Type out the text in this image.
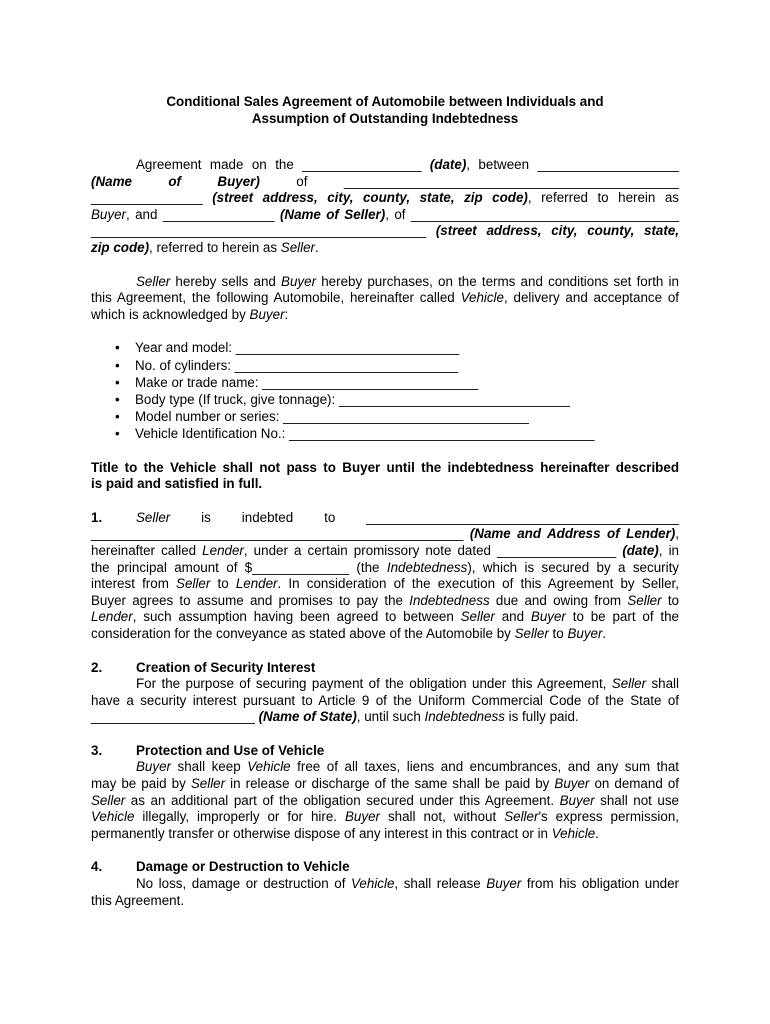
Conditional Sales Agreement of Automobile between Individuals and
Assumption of Outstanding Indebtedness

Agreement made on the ________________ (date), between ___________________

(Name of Buyer) of _____________________________________________

_______________ (street address, city, county, state, zip code), referred to herein as

Buyer, and _______________ (Name of Seller), of ____________________________________

_____________________________________________ (street address, city, county, state,

zip code), referred to herein as Seller.

Seller hereby sells and Buyer hereby purchases, on the terms and conditions set forth in

this Agreement, the following Automobile, hereinafter called Vehicle, delivery and acceptance of

which is acknowledged by Buyer:

• Year and model: ______________________________
• No. of cylinders: ______________________________
• Make or trade name: _____________________________
• Body type (If truck, give tonnage): _______________________________
• Model number or series: _________________________________
• Vehicle Identification No.: _________________________________________

Title to the Vehicle shall not pass to Buyer until the indebtedness hereinafter described

is paid and satisfied in full.

1.	Seller is indebted to __________________________________________

__________________________________________________ (Name and Address of Lender),

hereinafter called Lender, under a certain promissory note dated ________________ (date), in

the principal amount of $_____________ (the Indebtedness), which is secured by a security

interest from Seller to Lender. In consideration of the execution of this Agreement by Seller,

Buyer agrees to assume and promises to pay the Indebtedness due and owing from Seller to

Lender, such assumption having been agreed to between Seller and Buyer to be part of the

consideration for the conveyance as stated above of the Automobile by Seller to Buyer.

2.	Creation of Security Interest

For the purpose of securing payment of the obligation under this Agreement, Seller shall

have a security interest pursuant to Article 9 of the Uniform Commercial Code of the State of

______________________ (Name of State), until such Indebtedness is fully paid.

3.	Protection and Use of Vehicle

Buyer shall keep Vehicle free of all taxes, liens and encumbrances, and any sum that

may be paid by Seller in release or discharge of the same shall be paid by Buyer on demand of

Seller as an additional part of the obligation secured under this Agreement. Buyer shall not use

Vehicle illegally, improperly or for hire. Buyer shall not, without Seller's express permission,

permanently transfer or otherwise dispose of any interest in this contract or in Vehicle.

4.	Damage or Destruction to Vehicle

No loss, damage or destruction of Vehicle, shall release Buyer from his obligation under

this Agreement.
